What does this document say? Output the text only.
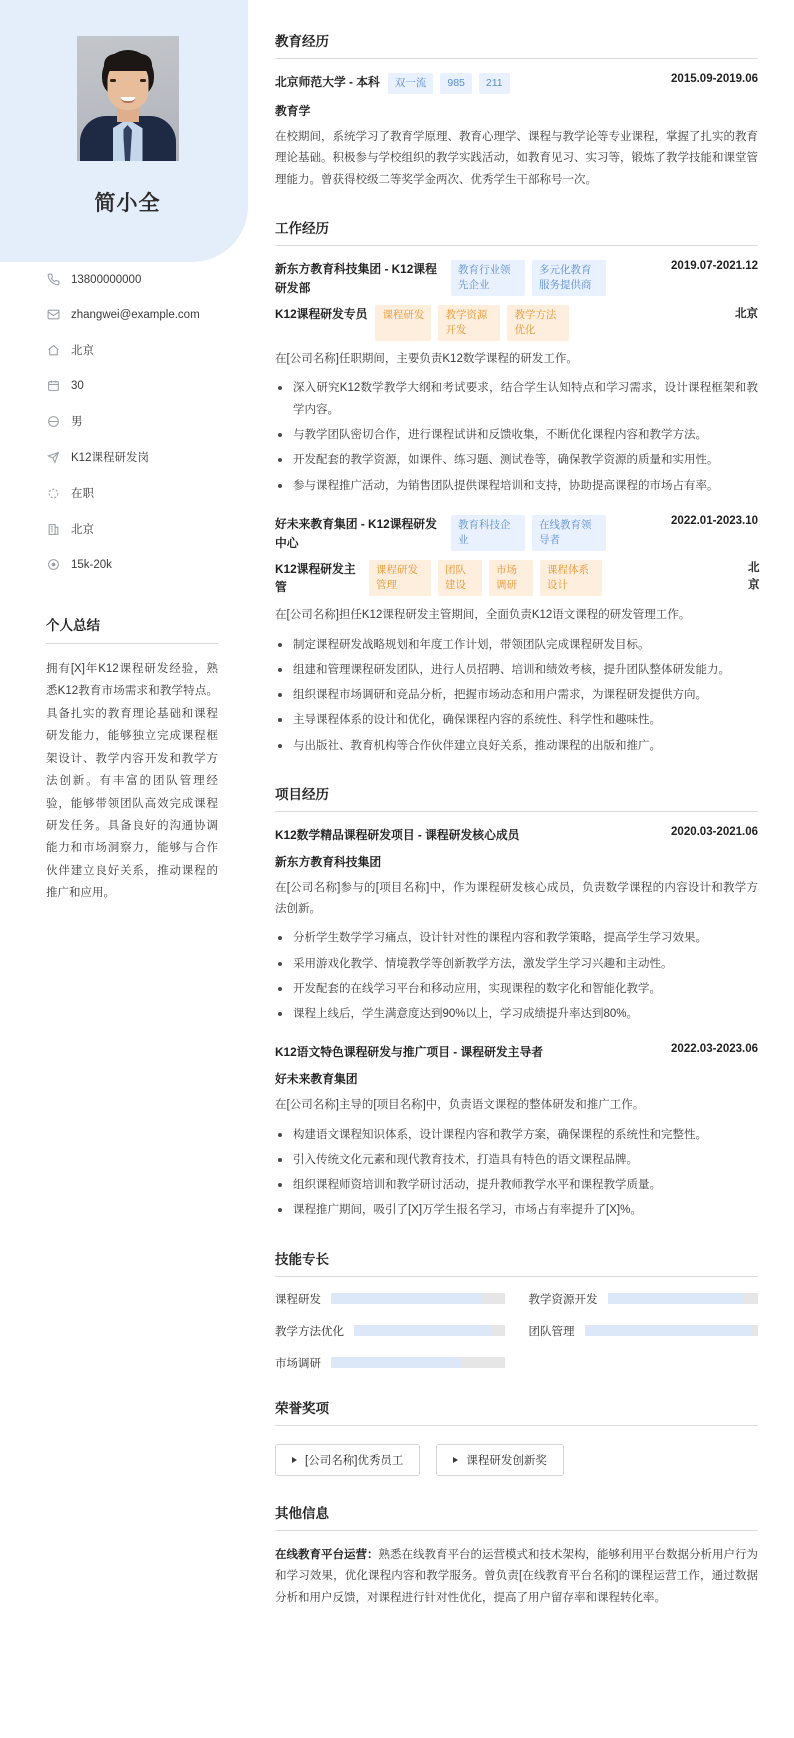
简小全
13800000000
zhangwei@example.com
北京
30
男
K12课程研发岗
在职
北京
15k-20k
个人总结
拥有[X]年K12课程研发经验，熟悉K12教育市场需求和教学特点。具备扎实的教育理论基础和课程研发能力，能够独立完成课程框架设计、教学内容开发和教学方法创新。有丰富的团队管理经验，能够带领团队高效完成课程研发任务。具备良好的沟通协调能力和市场洞察力，能够与合作伙伴建立良好关系，推动课程的推广和应用。
教育经历
北京师范大学 - 本科	双一流	985	211	2015.09-2019.06
教育学
在校期间，系统学习了教育学原理、教育心理学、课程与教学论等专业课程，掌握了扎实的教育理论基础。积极参与学校组织的教学实践活动，如教育见习、实习等，锻炼了教学技能和课堂管理能力。曾获得校级二等奖学金两次、优秀学生干部称号一次。
工作经历
新东方教育科技集团 - K12课程研发部
教育行业领先企业
多元化教育服务提供商
2019.07-2021.12
K12课程研发专员	课程研发	教学资源开发
教学方法优化
北京
在[公司名称]任职期间，主要负责K12数学课程的研发工作。
深入研究K12数学教学大纲和考试要求，结合学生认知特点和学习需求，设计课程框架和教学内容。
与教学团队密切合作，进行课程试讲和反馈收集，不断优化课程内容和教学方法。
开发配套的教学资源，如课件、练习题、测试卷等，确保教学资源的质量和实用性。
参与课程推广活动，为销售团队提供课程培训和支持，协助提高课程的市场占有率。
好未来教育集团 - K12课程研发中心
教育科技企业
在线教育领导者
2022.01-2023.10
K12课程研发主管
课程研发管理
团队建设
市场调研
课程体系设计
北京
在[公司名称]担任K12课程研发主管期间，全面负责K12语文课程的研发管理工作。
制定课程研发战略规划和年度工作计划，带领团队完成课程研发目标。
组建和管理课程研发团队，进行人员招聘、培训和绩效考核，提升团队整体研发能力。
组织课程市场调研和竞品分析，把握市场动态和用户需求，为课程研发提供方向。
主导课程体系的设计和优化，确保课程内容的系统性、科学性和趣味性。
与出版社、教育机构等合作伙伴建立良好关系，推动课程的出版和推广。
项目经历
K12数学精品课程研发项目 - 课程研发核心成员	2020.03-2021.06
新东方教育科技集团
在[公司名称]参与的[项目名称]中，作为课程研发核心成员，负责数学课程的内容设计和教学方法创新。
分析学生数学学习痛点，设计针对性的课程内容和教学策略，提高学生学习效果。
采用游戏化教学、情境教学等创新教学方法，激发学生学习兴趣和主动性。
开发配套的在线学习平台和移动应用，实现课程的数字化和智能化教学。
课程上线后，学生满意度达到90%以上，学习成绩提升率达到80%。
K12语文特色课程研发与推广项目 - 课程研发主导者	2022.03-2023.06
好未来教育集团
在[公司名称]主导的[项目名称]中，负责语文课程的整体研发和推广工作。
构建语文课程知识体系，设计课程内容和教学方案，确保课程的系统性和完整性。
引入传统文化元素和现代教育技术，打造具有特色的语文课程品牌。
组织课程师资培训和教学研讨活动，提升教师教学水平和课程教学质量。
课程推广期间，吸引了[X]万学生报名学习，市场占有率提升了[X]%。
技能专长
课程研发	教学资源开发
教学方法优化	团队管理
市场调研
荣誉奖项
[公司名称]优秀员工	课程研发创新奖
其他信息

在线教育平台运营：熟悉在线教育平台的运营模式和技术架构，能够利用平台数据分析用户行为和学习效果，优化课程内容和教学服务。曾负责[在线教育平台名称]的课程运营工作，通过数据分析和用户反馈，对课程进行针对性优化，提高了用户留存率和课程转化率。
